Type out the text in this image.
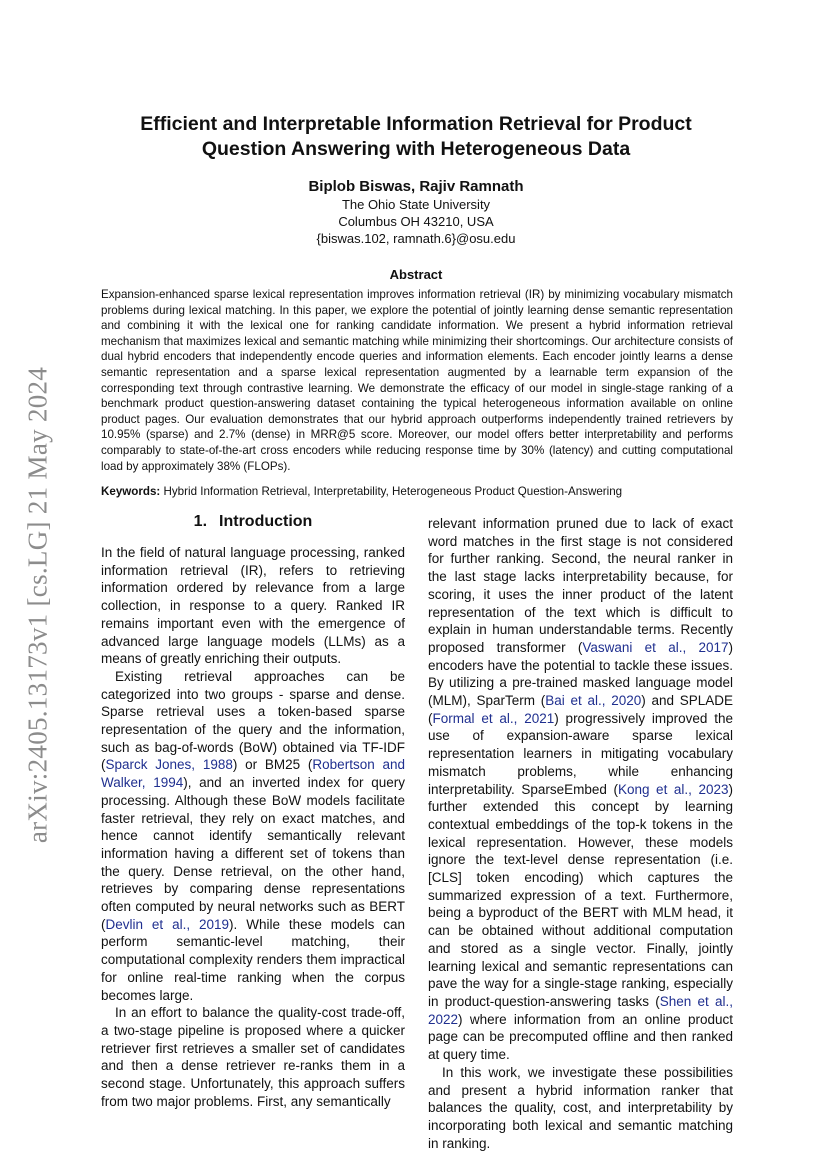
arXiv:2405.13173v1 [cs.LG] 21 May 2024
Efficient and Interpretable Information Retrieval for Product
Question Answering with Heterogeneous Data
Biplob Biswas, Rajiv Ramnath
The Ohio State University
Columbus OH 43210, USA
{biswas.102, ramnath.6}@osu.edu
Abstract

Expansion-enhanced sparse lexical representation improves information retrieval (IR) by minimizing vocabulary mismatch problems during lexical matching. In this paper, we explore the potential of jointly learning dense semantic representation and combining it with the lexical one for ranking candidate information. We present a hybrid information retrieval mechanism that maximizes lexical and semantic matching while minimizing their shortcomings. Our architecture consists of dual hybrid encoders that independently encode queries and information elements. Each encoder jointly learns a dense semantic representation and a sparse lexical representation augmented by a learnable term expansion of the corresponding text through contrastive learning. We demonstrate the efficacy of our model in single-stage ranking of a benchmark product question-answering dataset containing the typical heterogeneous information available on online product pages. Our evaluation demonstrates that our hybrid approach outperforms independently trained retrievers by 10.95% (sparse) and 2.7% (dense) in MRR@5 score. Moreover, our model offers better interpretability and performs comparably to state-of-the-art cross encoders while reducing response time by 30% (latency) and cutting computational load by approximately 38% (FLOPs).

Keywords: Hybrid Information Retrieval, Interpretability, Heterogeneous Product Question-Answering

1. Introduction

In the field of natural language processing, ranked information retrieval (IR), refers to retrieving information ordered by relevance from a large collection, in response to a query. Ranked IR remains important even with the emergence of advanced large language models (LLMs) as a means of greatly enriching their outputs.

Existing retrieval approaches can be categorized into two groups - sparse and dense. Sparse retrieval uses a token-based sparse representation of the query and the information, such as bag-of-words (BoW) obtained via TF-IDF (Sparck Jones, 1988) or BM25 (Robertson and Walker, 1994), and an inverted index for query processing. Although these BoW models facilitate faster retrieval, they rely on exact matches, and hence cannot identify semantically relevant information having a different set of tokens than the query. Dense retrieval, on the other hand, retrieves by comparing dense representations often computed by neural networks such as BERT (Devlin et al., 2019). While these models can perform semantic-level matching, their computational complexity renders them impractical for online real-time ranking when the corpus becomes large.

In an effort to balance the quality-cost trade-off, a two-stage pipeline is proposed where a quicker retriever first retrieves a smaller set of candidates and then a dense retriever re-ranks them in a second stage. Unfortunately, this approach suffers from two major problems. First, any semantically

relevant information pruned due to lack of exact word matches in the first stage is not considered for further ranking. Second, the neural ranker in the last stage lacks interpretability because, for scoring, it uses the inner product of the latent representation of the text which is difficult to explain in human understandable terms. Recently proposed transformer (Vaswani et al., 2017) encoders have the potential to tackle these issues. By utilizing a pre-trained masked language model (MLM), SparTerm (Bai et al., 2020) and SPLADE (Formal et al., 2021) progressively improved the use of expansion-aware sparse lexical representation learners in mitigating vocabulary mismatch problems, while enhancing interpretability. SparseEmbed (Kong et al., 2023) further extended this concept by learning contextual embeddings of the top-k tokens in the lexical representation. However, these models ignore the text-level dense representation (i.e. [CLS] token encoding) which captures the summarized expression of a text. Furthermore, being a byproduct of the BERT with MLM head, it can be obtained without additional computation and stored as a single vector. Finally, jointly learning lexical and semantic representations can pave the way for a single-stage ranking, especially in product-question-answering tasks (Shen et al., 2022) where information from an online product page can be precomputed offline and then ranked at query time.

In this work, we investigate these possibilities and present a hybrid information ranker that balances the quality, cost, and interpretability by incorporating both lexical and semantic matching in ranking.
